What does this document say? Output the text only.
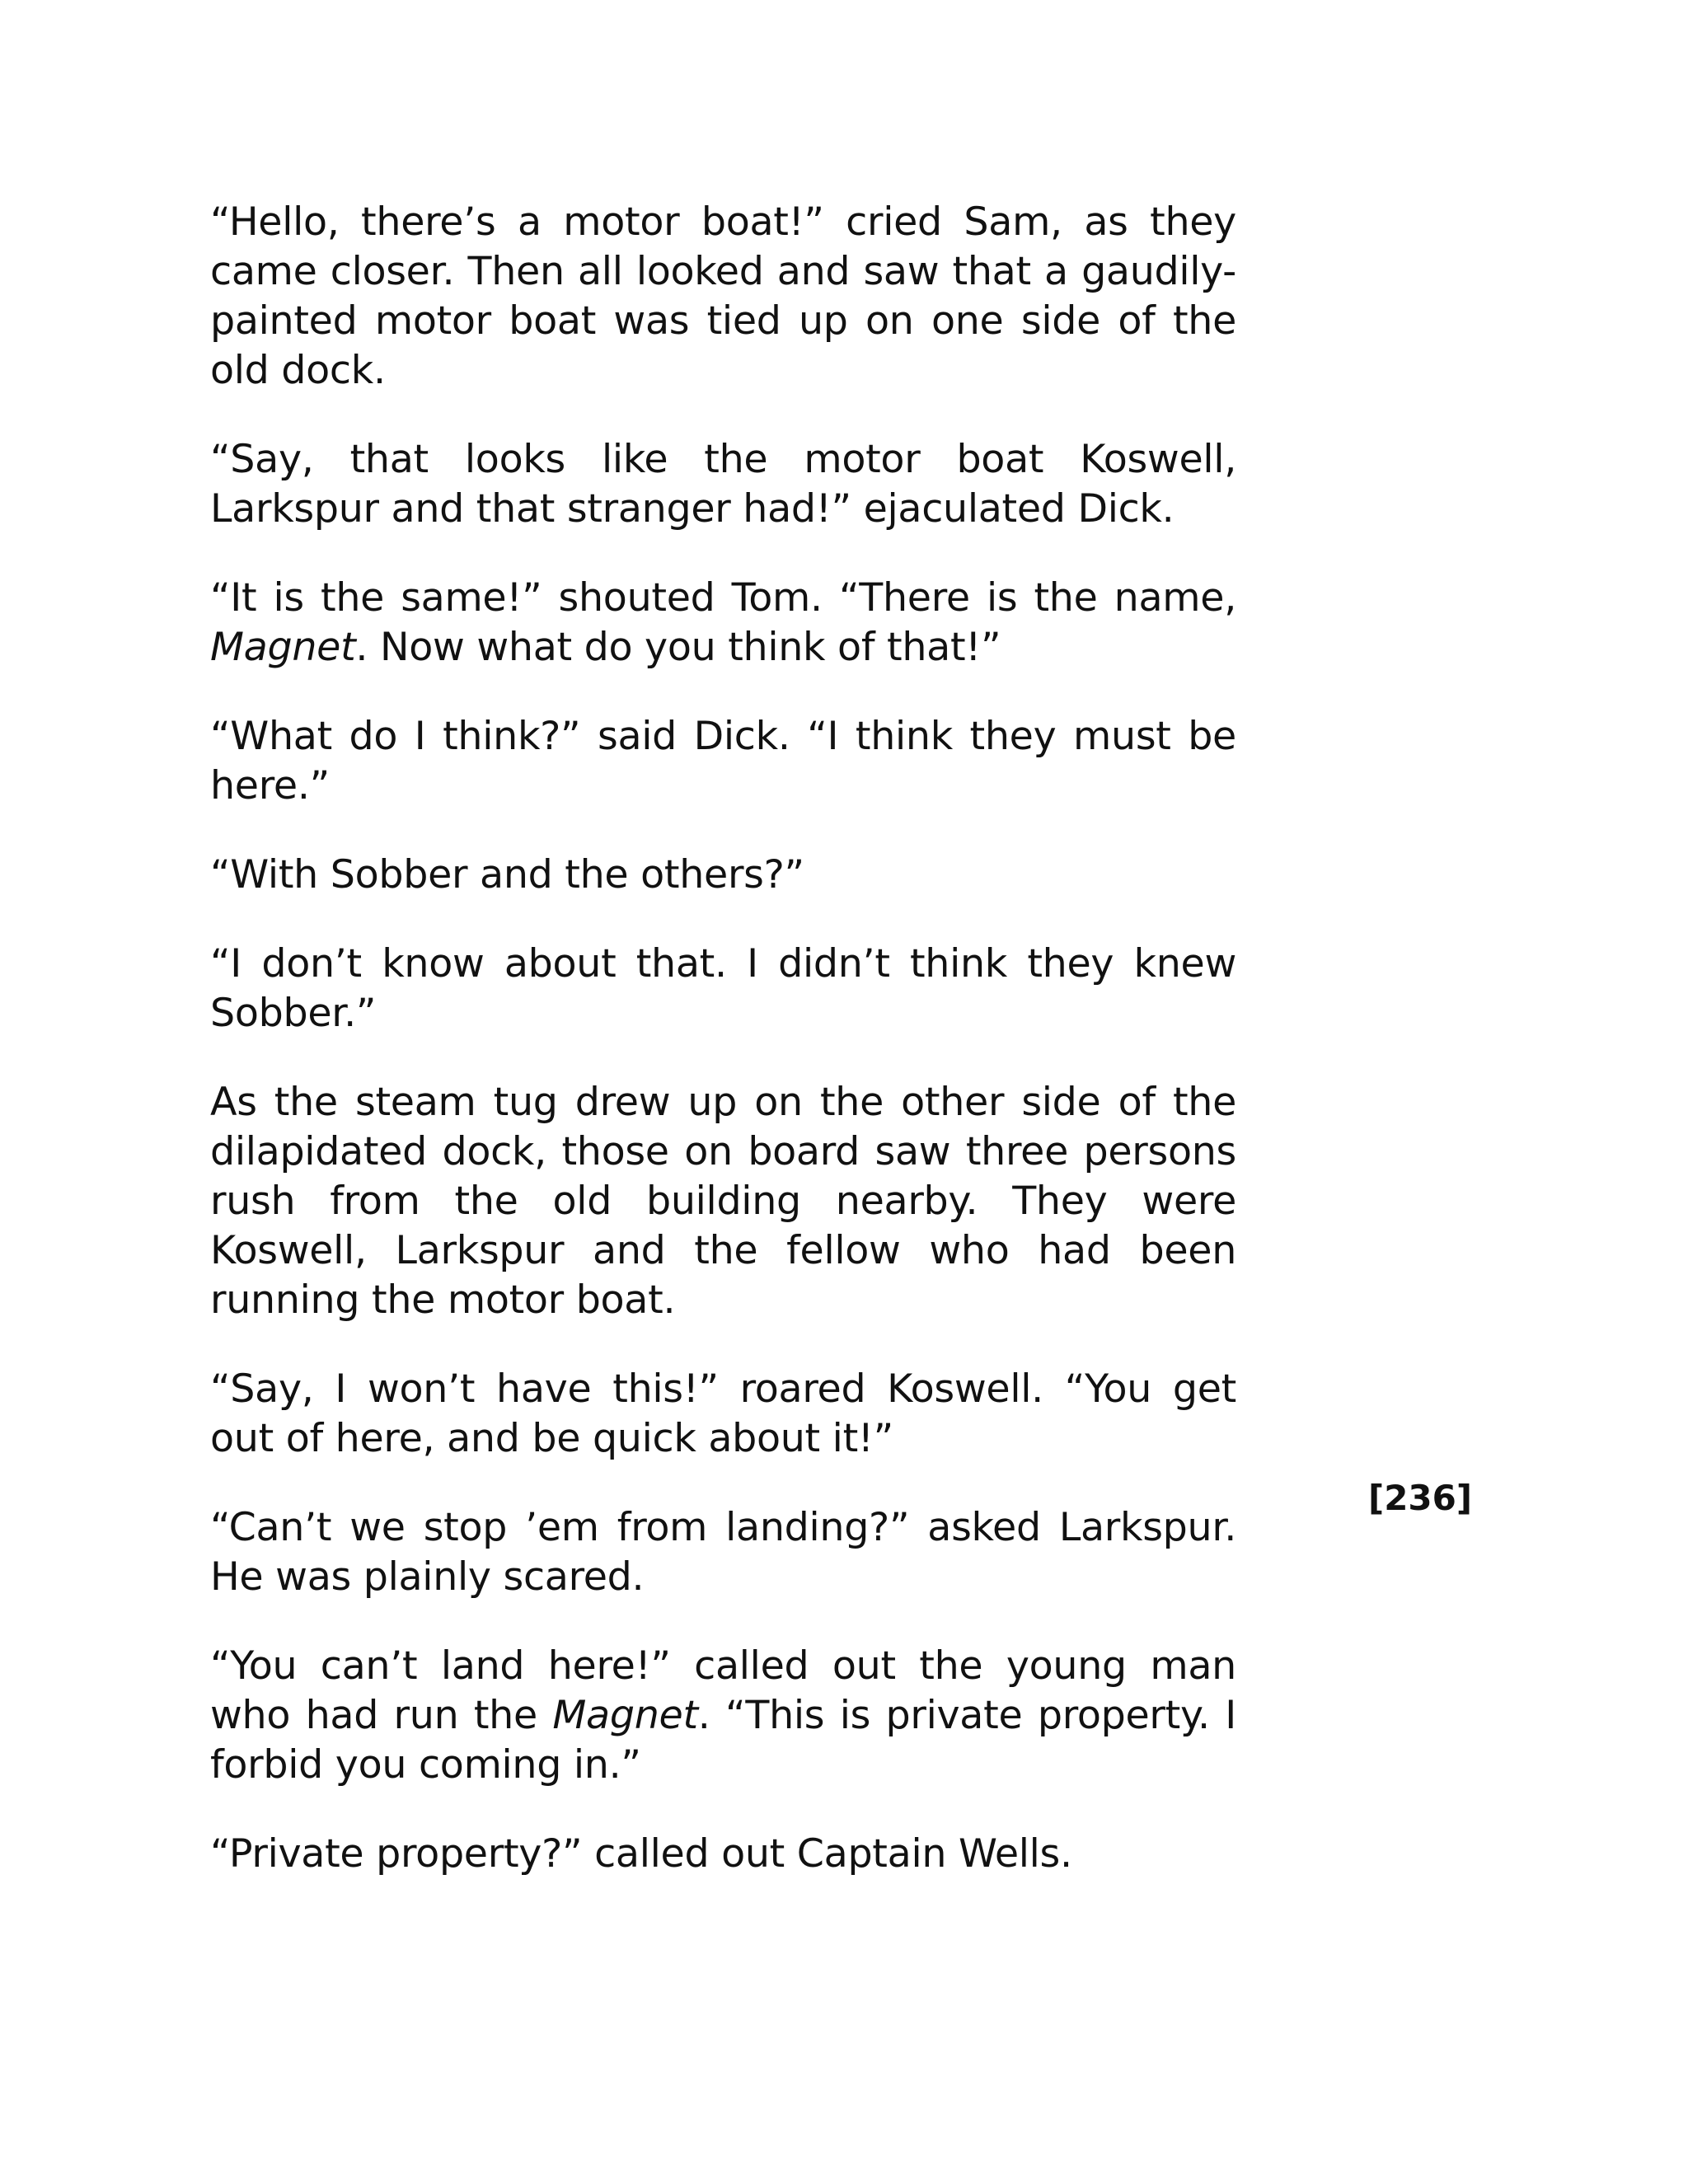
“Hello, there’s a motor boat!” cried Sam, as they came closer. Then all looked and saw that a gaudily-painted motor boat was tied up on one side of the old dock.

“Say, that looks like the motor boat Koswell, Larkspur and that stranger had!” ejaculated Dick.

“It is the same!” shouted Tom. “There is the name, Magnet. Now what do you think of that!”

“What do I think?” said Dick. “I think they must be here.”

“With Sobber and the others?”

“I don’t know about that. I didn’t think they knew Sobber.”

As the steam tug drew up on the other side of the dilapidated dock, those on board saw three persons rush from the old building nearby. They were Koswell, Larkspur and the fellow who had been running the motor boat.

“Say, I won’t have this!” roared Koswell. “You get out of here, and be quick about it!”

“Can’t we stop ’em from landing?” asked Larkspur. He was plainly scared.

“You can’t land here!” called out the young man who had run the Magnet. “This is private property. I forbid you coming in.”

“Private property?” called out Captain Wells.

[236]
